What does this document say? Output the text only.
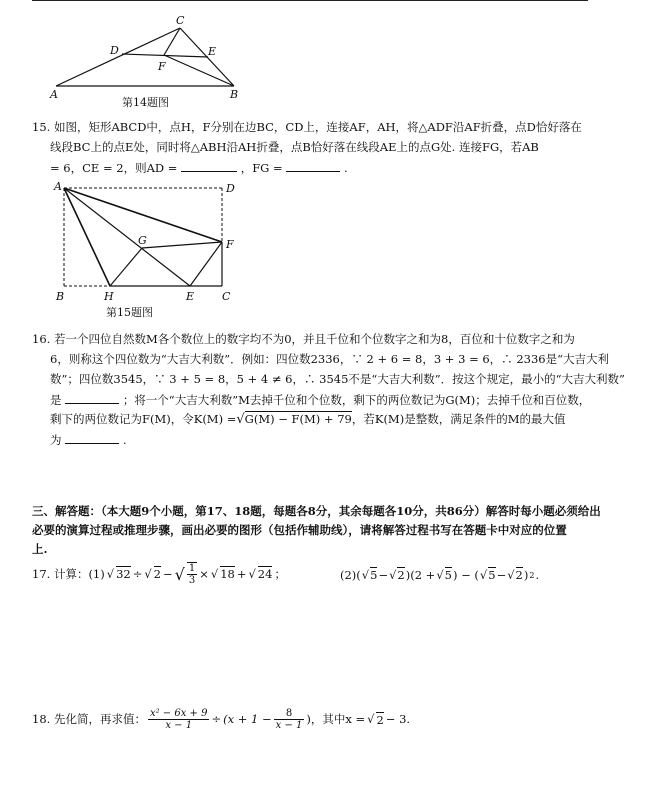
A	B
C
D	E
F
第14题图
15. 如图，矩形ABCD中，点H，F分别在边BC，CD上，连接AF，AH，将△ADF沿AF折叠，点D恰好落在
线段BC上的点E处，同时将△ABH沿AH折叠，点B恰好落在线段AE上的点G处. 连接FG，若AB
= 6，CE = 2，则AD =	，FG =	.
A	D
B	H	E	C
F
G
第15题图
16. 若一个四位自然数M各个数位上的数字均不为0，并且千位和个位数字之和为8，百位和十位数字之和为
6，则称这个四位数为“大吉大利数”．例如：四位数2336，∵ 2 + 6 = 8，3 + 3 = 6，∴ 2336是“大吉大利
数”；四位数3545，∵ 3 + 5 = 8，5 + 4 ≠ 6，∴ 3545不是“大吉大利数”．按这个规定，最小的“大吉大利数”
是	；将一个“大吉大利数”M去掉千位和个位数，剩下的两位数记为G(M)；去掉千位和百位数，
剩下的两位数记为F(M)，令K(M) =√G(M) − F(M) + 79，若K(M)是整数，满足条件的M的最大值
为	.
三、解答题：（本大题9个小题，第17、18题，每题各8分，其余每题各10分，共86分）解答时每小题必须给出
必要的演算过程或推理步骤，画出必要的图形（包括作辅助线），请将解答过程书写在答题卡中对应的位置
上.
17. 计算：(1) √ 32 ÷ √ 2 − √ $\frac{1}{3}$ × √ 18 + √ 24 ；	(2)( √ 5 − √ 2 )(2 + √ 5 ) − ( √ 5 − √ 2 ) 2 .
18. 先化简，再求值： $\frac{\text{x² − 6x + 9}}{x - 1} \div (x + 1 - \frac{8}{x - 1}$ )，其中x = √ 2 − 3.
